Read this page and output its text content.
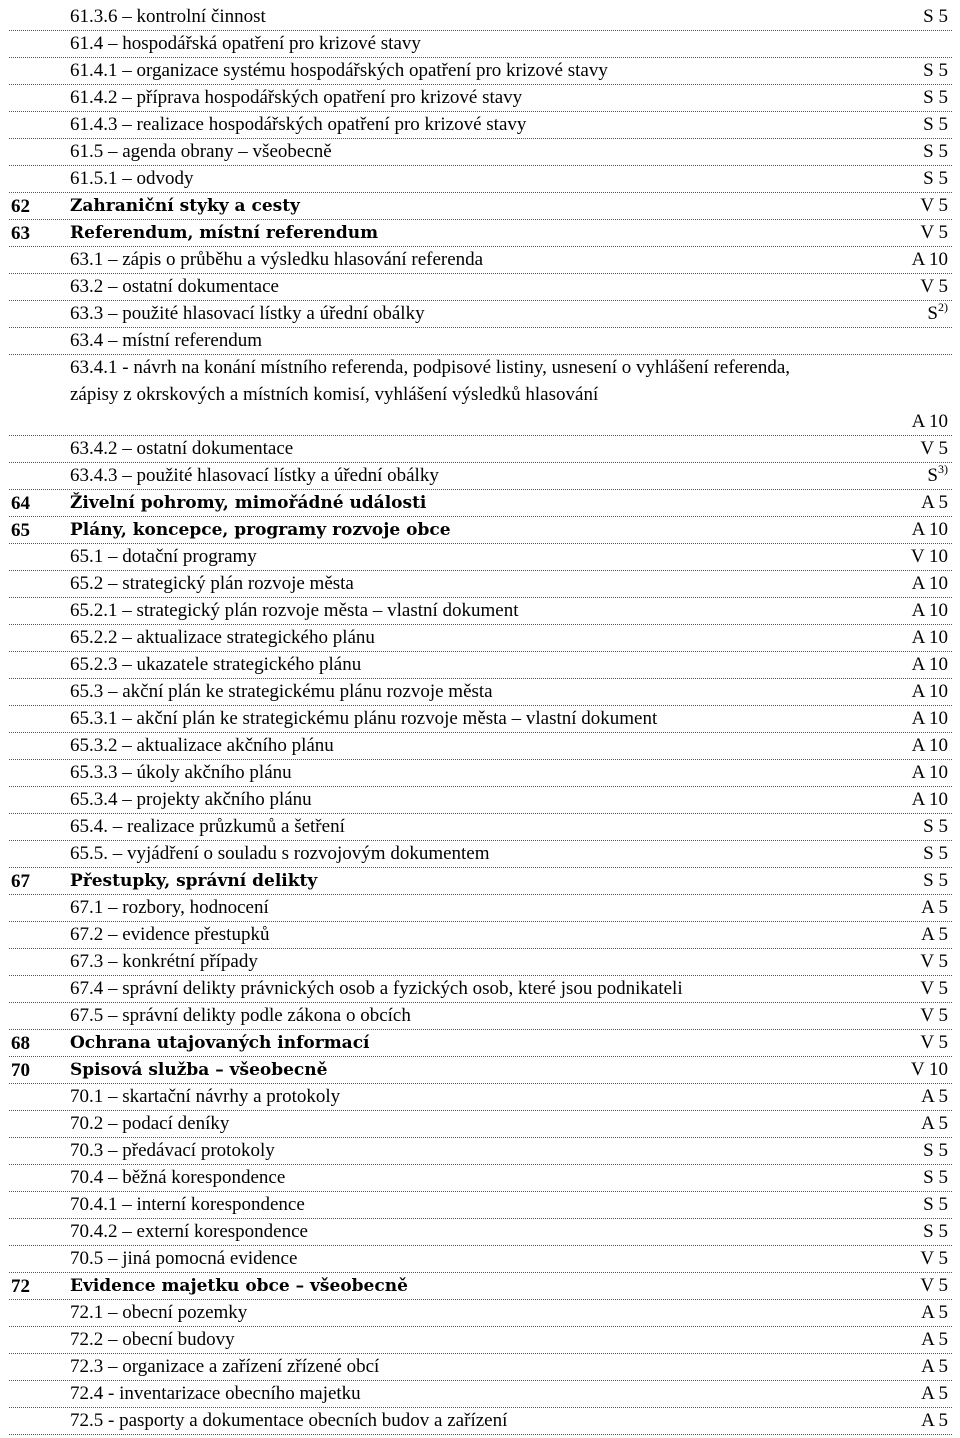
61.3.6 – kontrolní činnost	S 5
61.4 – hospodářská opatření pro krizové stavy
61.4.1 – organizace systému hospodářských opatření pro krizové stavy	S 5
61.4.2 – příprava hospodářských opatření pro krizové stavy	S 5
61.4.3 – realizace hospodářských opatření pro krizové stavy	S 5
61.5 – agenda obrany – všeobecně	S 5
61.5.1 – odvody	S 5
62 Zahraniční styky a cesty	V 5
63 Referendum, místní referendum	V 5
63.1 – zápis o průběhu a výsledku hlasování referenda	A 10
63.2 – ostatní dokumentace	V 5
63.3 – použité hlasovací lístky a úřední obálky	$S^{2)}$
63.4 – místní referendum
63.4.1 - návrh na konání místního referenda, podpisové listiny, usnesení o vyhlášení referenda, zápisy z okrskových a místních komisí, vyhlášení výsledků hlasování
A 10
63.4.2 – ostatní dokumentace	V 5
63.4.3 – použité hlasovací lístky a úřední obálky	$S^{3)}$
64 Živelní pohromy, mimořádné události	A 5
65 Plány, koncepce, programy rozvoje obce	A 10
65.1 – dotační programy	V 10
65.2 – strategický plán rozvoje města	A 10
65.2.1 – strategický plán rozvoje města – vlastní dokument	A 10
65.2.2 – aktualizace strategického plánu	A 10
65.2.3 – ukazatele strategického plánu	A 10
65.3 – akční plán ke strategickému plánu rozvoje města	A 10
65.3.1 – akční plán ke strategickému plánu rozvoje města – vlastní dokument	A 10
65.3.2 – aktualizace akčního plánu	A 10
65.3.3 – úkoly akčního plánu	A 10
65.3.4 – projekty akčního plánu	A 10
65.4. – realizace průzkumů a šetření	S 5
65.5. – vyjádření o souladu s rozvojovým dokumentem	S 5
67 Přestupky, správní delikty	S 5
67.1 – rozbory, hodnocení	A 5
67.2 – evidence přestupků	A 5
67.3 – konkrétní případy	V 5
67.4 – správní delikty právnických osob a fyzických osob, které jsou podnikateli	V 5
67.5 – správní delikty podle zákona o obcích	V 5
68 Ochrana utajovaných informací	V 5
70 Spisová služba – všeobecně	V 10
70.1 – skartační návrhy a protokoly	A 5
70.2 – podací deníky	A 5
70.3 – předávací protokoly	S 5
70.4 – běžná korespondence	S 5
70.4.1 – interní korespondence	S 5
70.4.2 – externí korespondence	S 5
70.5 – jiná pomocná evidence	V 5
72 Evidence majetku obce – všeobecně	V 5
72.1 – obecní pozemky	A 5
72.2 – obecní budovy	A 5
72.3 – organizace a zařízení zřízené obcí	A 5
72.4 - inventarizace obecního majetku	A 5
72.5 - pasporty a dokumentace obecních budov a zařízení	A 5
